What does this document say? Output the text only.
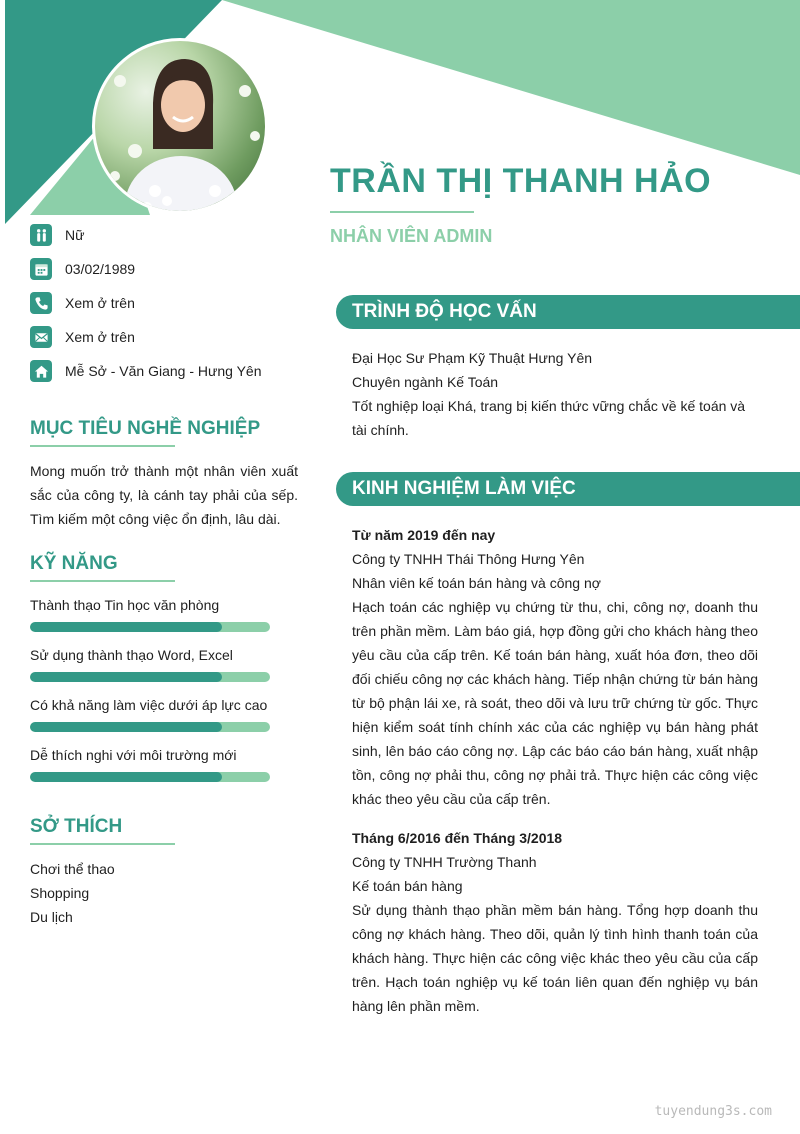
TRẦN THỊ THANH HẢO
NHÂN VIÊN ADMIN
Nữ
03/02/1989
Xem ở trên
Xem ở trên
Mễ Sở - Văn Giang - Hưng Yên
MỤC TIÊU NGHỀ NGHIỆP
Mong muốn trở thành một nhân viên xuất sắc của công ty, là cánh tay phải của sếp. Tìm kiếm một công việc ổn định, lâu dài.
KỸ NĂNG
Thành thạo Tin học văn phòng
Sử dụng thành thạo Word, Excel
Có khả năng làm việc dưới áp lực cao
Dễ thích nghi với môi trường mới
SỞ THÍCH
Chơi thể thao
Shopping
Du lịch
TRÌNH ĐỘ HỌC VẤN
Đại Học Sư Phạm Kỹ Thuật Hưng Yên
Chuyên ngành Kế Toán
Tốt nghiệp loại Khá, trang bị kiến thức vững chắc về kế toán và tài chính.
KINH NGHIỆM LÀM VIỆC
Từ năm 2019 đến nay
Công ty TNHH Thái Thông Hưng Yên
Nhân viên kế toán bán hàng và công nợ
Hạch toán các nghiệp vụ chứng từ thu, chi, công nợ, doanh thu trên phần mềm. Làm báo giá, hợp đồng gửi cho khách hàng theo yêu cầu của cấp trên. Kế toán bán hàng, xuất hóa đơn, theo dõi đối chiếu công nợ các khách hàng. Tiếp nhận chứng từ bán hàng từ bộ phận lái xe, rà soát, theo dõi và lưu trữ chứng từ gốc. Thực hiện kiểm soát tính chính xác của các nghiệp vụ bán hàng phát sinh, lên báo cáo công nợ. Lập các báo cáo bán hàng, xuất nhập tồn, công nợ phải thu, công nợ phải trả. Thực hiện các công việc khác theo yêu cầu của cấp trên.
Tháng 6/2016 đến Tháng 3/2018
Công ty TNHH Trường Thanh
Kế toán bán hàng
Sử dụng thành thạo phần mềm bán hàng. Tổng hợp doanh thu công nợ khách hàng. Theo dõi, quản lý tình hình thanh toán của khách hàng. Thực hiện các công việc khác theo yêu cầu của cấp trên. Hạch toán nghiệp vụ kế toán liên quan đến nghiệp vụ bán hàng lên phần mềm.
tuyendung3s.com
